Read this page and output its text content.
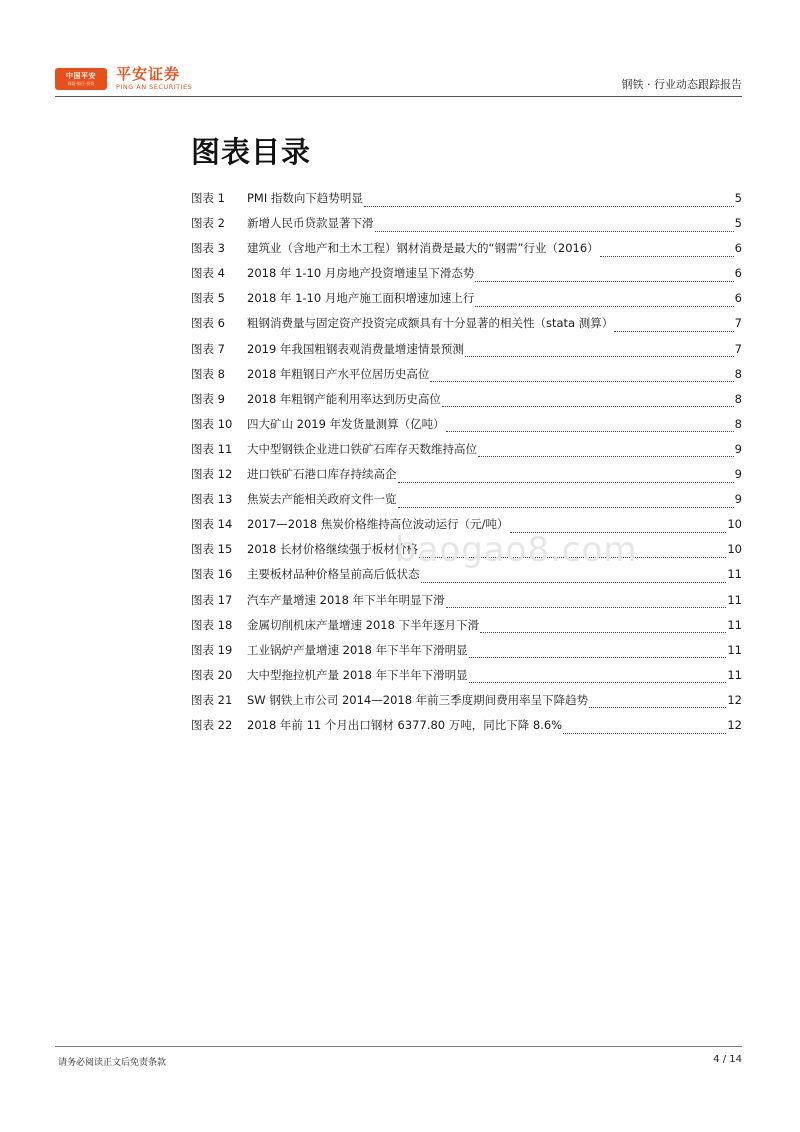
中国平安
保险·银行·投资
平安证券
PING AN SECURITIES	钢铁 · 行业动态跟踪报告
图表目录
图表 1	PMI 指数向下趋势明显	5
图表 2	新增人民币贷款显著下滑	5
图表 3	建筑业（含地产和土木工程）钢材消费是最大的“钢需”行业（2016）	6
图表 4	2018 年 1-10 月房地产投资增速呈下滑态势	6
图表 5	2018 年 1-10 月地产施工面积增速加速上行	6
图表 6	粗钢消费量与固定资产投资完成额具有十分显著的相关性（stata 测算）	7
图表 7	2019 年我国粗钢表观消费量增速情景预测	7
图表 8	2018 年粗钢日产水平位居历史高位	8
图表 9	2018 年粗钢产能利用率达到历史高位	8
图表 10	四大矿山 2019 年发货量测算（亿吨）	8
图表 11	大中型钢铁企业进口铁矿石库存天数维持高位	9
图表 12	进口铁矿石港口库存持续高企	9
图表 13	焦炭去产能相关政府文件一览	9
图表 14	2017—2018 焦炭价格维持高位波动运行（元/吨）	10
图表 15	2018 长材价格继续强于板材价格	10
图表 16	主要板材品种价格呈前高后低状态	11
图表 17	汽车产量增速 2018 年下半年明显下滑	11
图表 18	金属切削机床产量增速 2018 下半年逐月下滑	11
图表 19	工业锅炉产量增速 2018 年下半年下滑明显	11
图表 20	大中型拖拉机产量 2018 年下半年下滑明显	11
图表 21	SW 钢铁上市公司 2014—2018 年前三季度期间费用率呈下降趋势	12
图表 22	2018 年前 11 个月出口钢材 6377.80 万吨，同比下降 8.6%	12
baogao8.com
请务必阅读正文后免责条款	4 / 14
